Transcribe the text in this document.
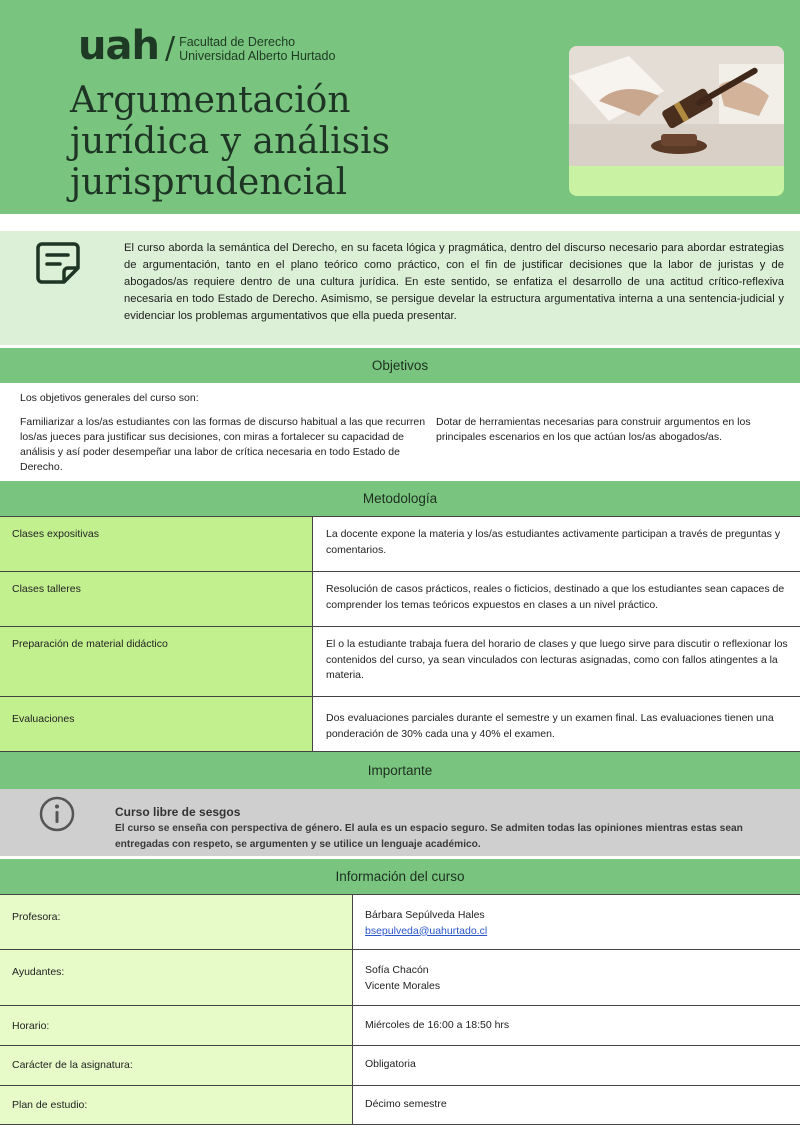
uah / Facultad de Derecho
Universidad Alberto Hurtado
Argumentación
jurídica y análisis
jurisprudencial
El curso aborda la semántica del Derecho, en su faceta lógica y pragmática, dentro del discurso necesario para abordar estrategias de argumentación, tanto en el plano teórico como práctico, con el fin de justificar decisiones que la labor de juristas y de abogados/as requiere dentro de una cultura jurídica. En este sentido, se enfatiza el desarrollo de una actitud crítico-reflexiva necesaria en todo Estado de Derecho. Asimismo, se persigue develar la estructura argumentativa interna a una sentencia-judicial y evidenciar los problemas argumentativos que ella pueda presentar.
Objetivos
Los objetivos generales del curso son:
Familiarizar a los/as estudiantes con las formas de discurso habitual a las que recurren los/as jueces para justificar sus decisiones, con miras a fortalecer su capacidad de análisis y así poder desempeñar una labor de crítica necesaria en todo Estado de Derecho.
Dotar de herramientas necesarias para construir argumentos en los principales escenarios en los que actúan los/as abogados/as.
Metodología
Clases expositivas	La docente expone la materia y los/as estudiantes activamente participan a través de preguntas y comentarios.
Clases talleres	Resolución de casos prácticos, reales o ficticios, destinado a que los estudiantes sean capaces de comprender los temas teóricos expuestos en clases a un nivel práctico.
Preparación de material didáctico	El o la estudiante trabaja fuera del horario de clases y que luego sirve para discutir o reflexionar los contenidos del curso, ya sean vinculados con lecturas asignadas, como con fallos atingentes a la materia.
Evaluaciones	Dos evaluaciones parciales durante el semestre y un examen final. Las evaluaciones tienen una ponderación de 30% cada una y 40% el examen.
Importante
Curso libre de sesgos
El curso se enseña con perspectiva de género. El aula es un espacio seguro. Se admiten todas las opiniones mientras estas sean entregadas con respeto, se argumenten y se utilice un lenguaje académico.
Información del curso
Profesora:	Bárbara Sepúlveda Hales
bsepulveda@uahurtado.cl
Ayudantes:	Sofía Chacón
Vicente Morales
Horario:	Miércoles de 16:00 a 18:50 hrs
Carácter de la asignatura:	Obligatoria
Plan de estudio:	Décimo semestre
